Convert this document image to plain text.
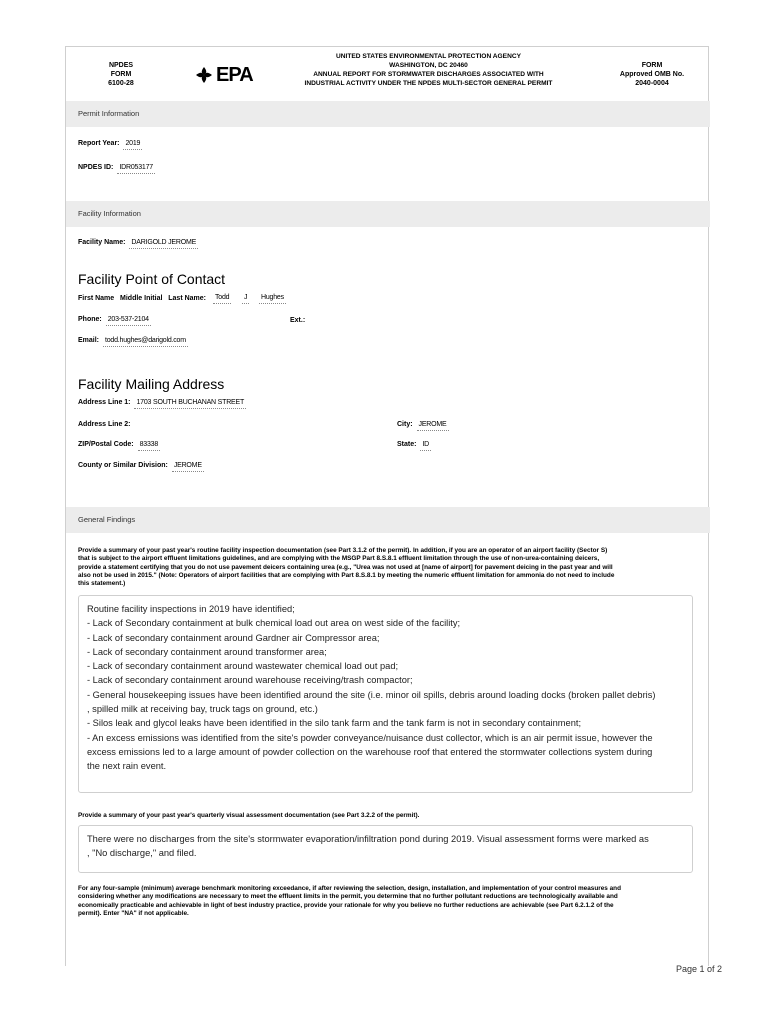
NPDES
FORM
6100-28	EPA
UNITED STATES ENVIRONMENTAL PROTECTION AGENCY
WASHINGTON, DC 20460
ANNUAL REPORT FOR STORMWATER DISCHARGES ASSOCIATED WITH
INDUSTRIAL ACTIVITY UNDER THE NPDES MULTI-SECTOR GENERAL PERMIT
FORM
Approved OMB No.
2040-0004
Permit Information
Report Year: 2019
NPDES ID: IDR053177
Facility Information
Facility Name: DARIGOLD JEROME
Facility Point of Contact
First Name Middle Initial Last Name:	Todd	J	Hughes
Phone: 203-537-2104	Ext.:
Email: todd.hughes@darigold.com
Facility Mailing Address
Address Line 1: 1703 SOUTH BUCHANAN STREET
Address Line 2:	City: JEROME
ZIP/Postal Code: 83338	State: ID
County or Similar Division: JEROME
General Findings
Provide a summary of your past year's routine facility inspection documentation (see Part 3.1.2 of the permit). In addition, if you are an operator of an airport facility (Sector S)
that is subject to the airport effluent limitations guidelines, and are complying with the MSGP Part 8.S.8.1 effluent limitation through the use of non-urea-containing deicers,
provide a statement certifying that you do not use pavement deicers containing urea (e.g., "Urea was not used at [name of airport] for pavement deicing in the past year and will
also not be used in 2015." (Note: Operators of airport facilities that are complying with Part 8.S.8.1 by meeting the numeric effluent limitation for ammonia do not need to include
this statement.)
Routine facility inspections in 2019 have identified;
- Lack of Secondary containment at bulk chemical load out area on west side of the facility;
- Lack of secondary containment around Gardner air Compressor area;
- Lack of secondary containment around transformer area;
- Lack of secondary containment around wastewater chemical load out pad;
- Lack of secondary containment around warehouse receiving/trash compactor;
- General housekeeping issues have been identified around the site (i.e. minor oil spills, debris around loading docks (broken pallet debris)
, spilled milk at receiving bay, truck tags on ground, etc.)
- Silos leak and glycol leaks have been identified in the silo tank farm and the tank farm is not in secondary containment;
- An excess emissions was identified from the site's powder conveyance/nuisance dust collector, which is an air permit issue, however the
excess emissions led to a large amount of powder collection on the warehouse roof that entered the stormwater collections system during
the next rain event.
Provide a summary of your past year's quarterly visual assessment documentation (see Part 3.2.2 of the permit).
There were no discharges from the site's stormwater evaporation/infiltration pond during 2019. Visual assessment forms were marked as
, "No discharge," and filed.
For any four-sample (minimum) average benchmark monitoring exceedance, if after reviewing the selection, design, installation, and implementation of your control measures and
considering whether any modifications are necessary to meet the effluent limits in the permit, you determine that no further pollutant reductions are technologically available and
economically practicable and achievable in light of best industry practice, provide your rationale for why you believe no further reductions are achievable (see Part 6.2.1.2 of the
permit). Enter "NA" if not applicable.
Page 1 of 2
